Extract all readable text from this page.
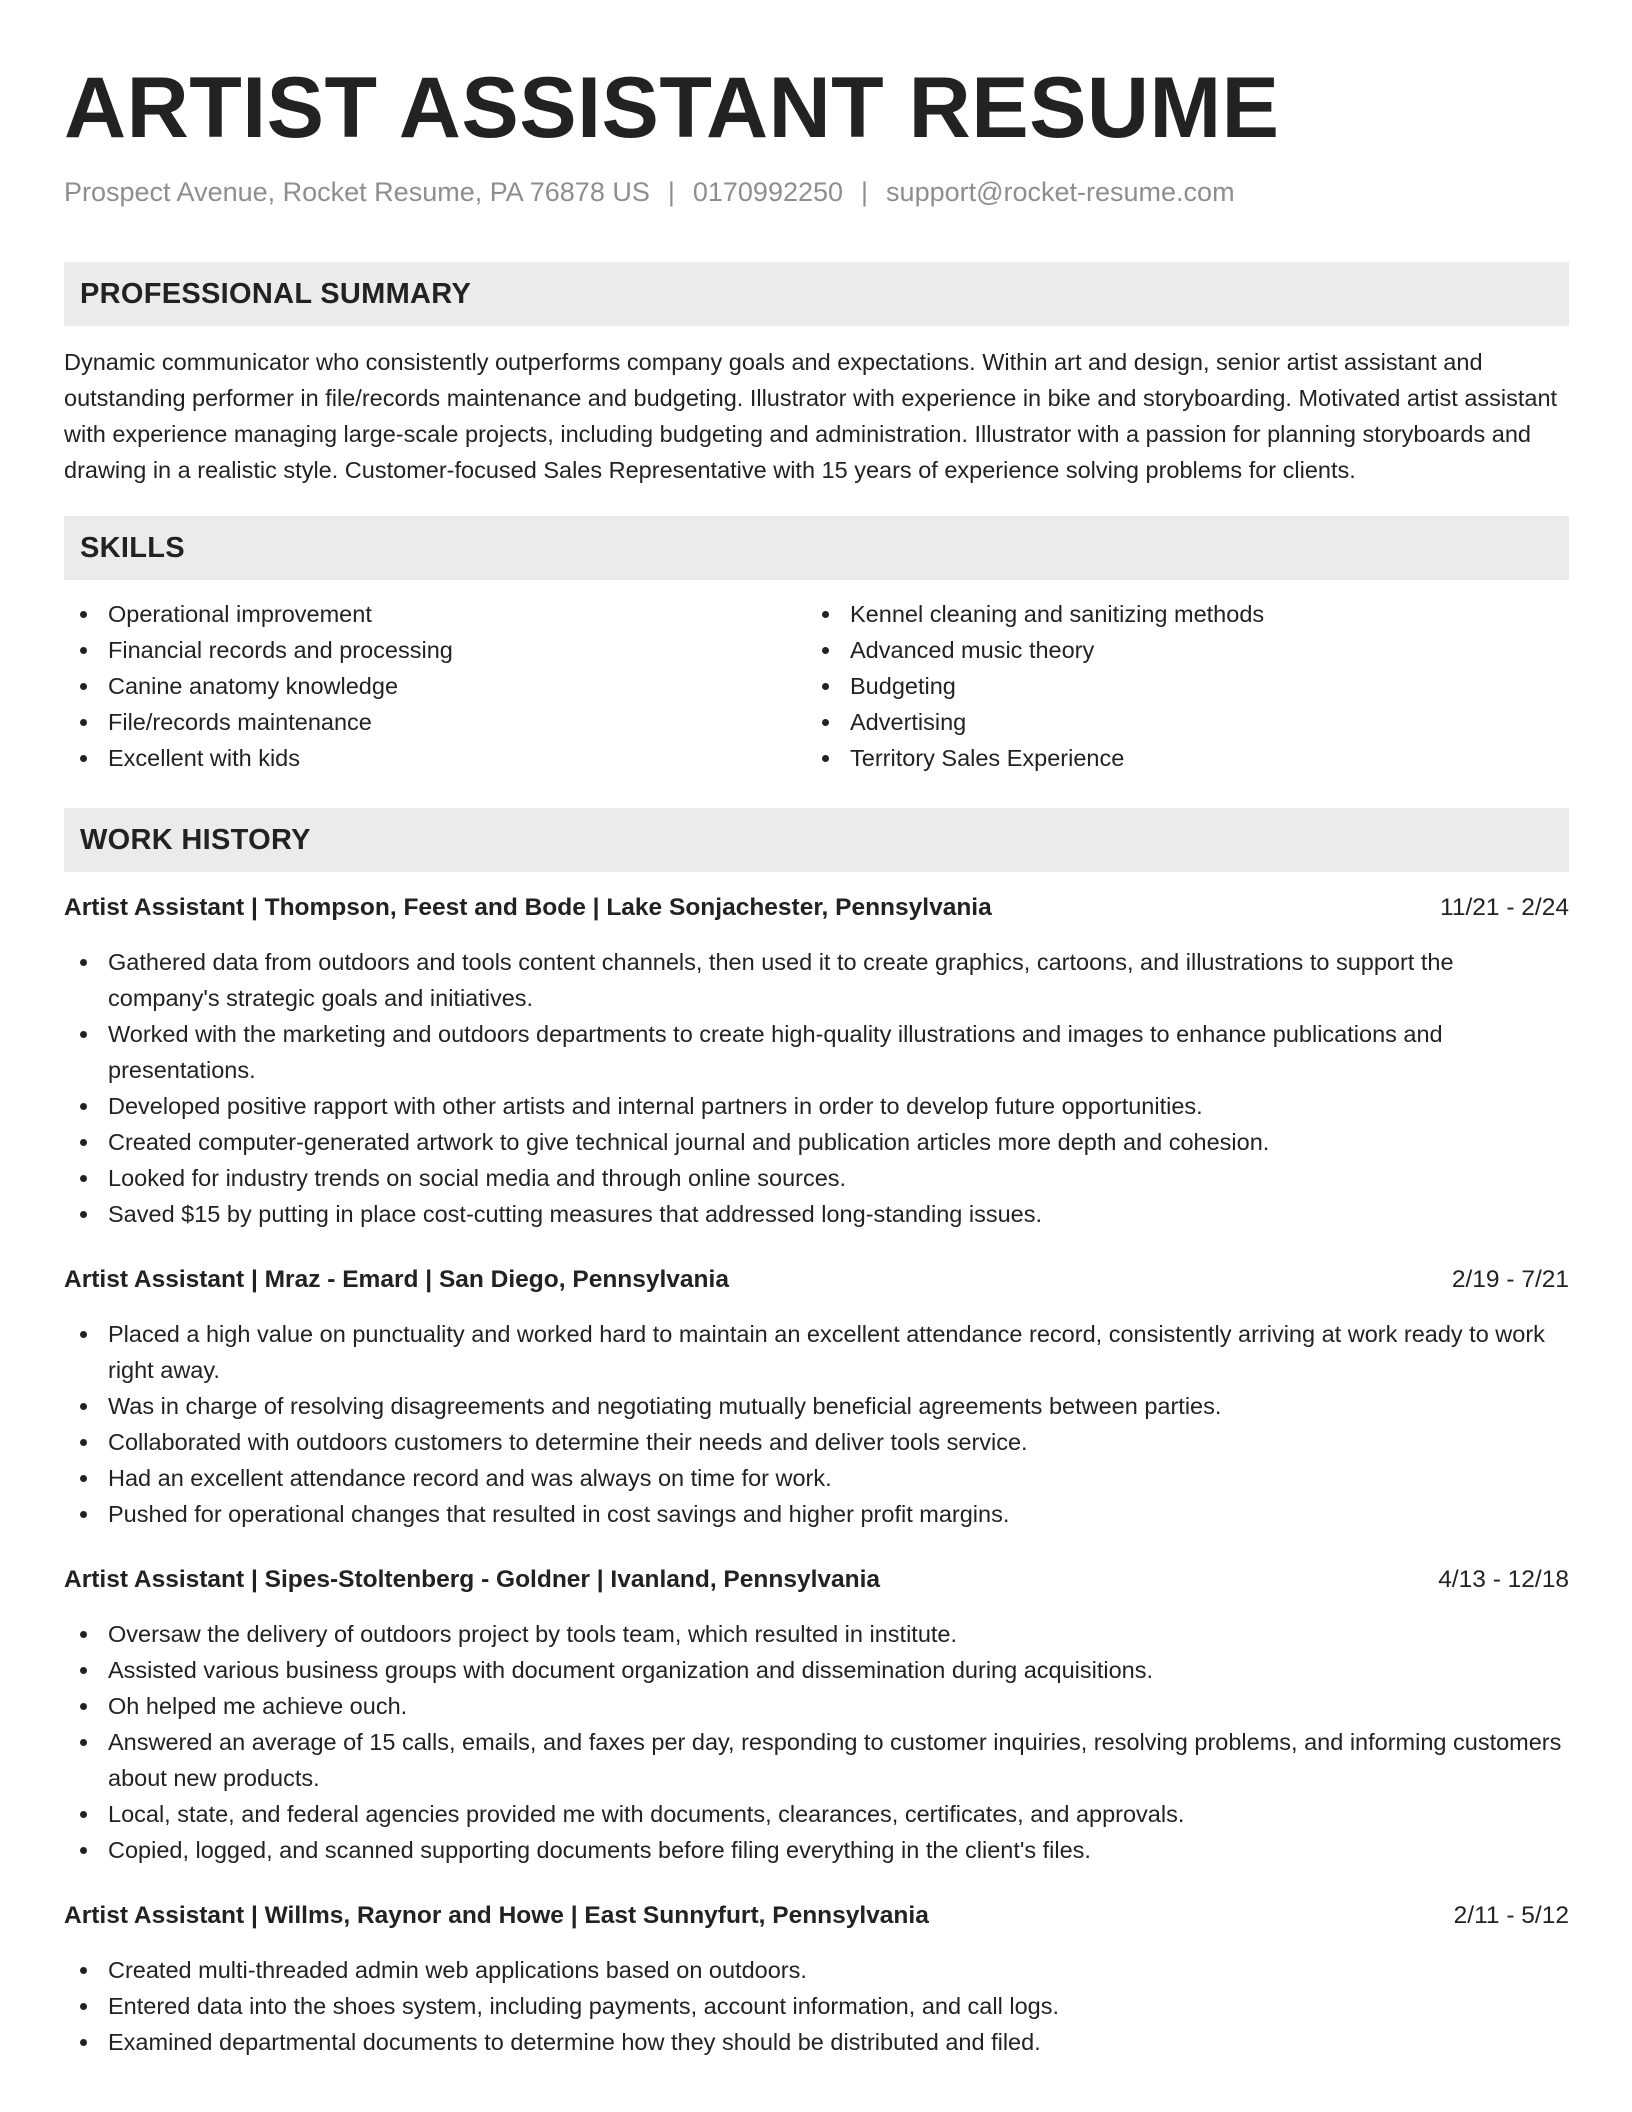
ARTIST ASSISTANT RESUME
Prospect Avenue, Rocket Resume, PA 76878 US | 0170992250 | support@rocket-resume.com
PROFESSIONAL SUMMARY

Dynamic communicator who consistently outperforms company goals and expectations. Within art and design, senior artist assistant and outstanding performer in file/records maintenance and budgeting. Illustrator with experience in bike and storyboarding. Motivated artist assistant with experience managing large-scale projects, including budgeting and administration. Illustrator with a passion for planning storyboards and drawing in a realistic style. Customer-focused Sales Representative with 15 years of experience solving problems for clients.

SKILLS
Operational improvement
Financial records and processing
Canine anatomy knowledge
File/records maintenance
Excellent with kids
Kennel cleaning and sanitizing methods
Advanced music theory
Budgeting
Advertising
Territory Sales Experience
WORK HISTORY
Artist Assistant | Thompson, Feest and Bode | Lake Sonjachester, Pennsylvania	11/21 - 2/24
Gathered data from outdoors and tools content channels, then used it to create graphics, cartoons, and illustrations to support the company's strategic goals and initiatives.
Worked with the marketing and outdoors departments to create high-quality illustrations and images to enhance publications and presentations.
Developed positive rapport with other artists and internal partners in order to develop future opportunities.
Created computer-generated artwork to give technical journal and publication articles more depth and cohesion.
Looked for industry trends on social media and through online sources.
Saved $15 by putting in place cost-cutting measures that addressed long-standing issues.
Artist Assistant | Mraz - Emard | San Diego, Pennsylvania	2/19 - 7/21
Placed a high value on punctuality and worked hard to maintain an excellent attendance record, consistently arriving at work ready to work right away.
Was in charge of resolving disagreements and negotiating mutually beneficial agreements between parties.
Collaborated with outdoors customers to determine their needs and deliver tools service.
Had an excellent attendance record and was always on time for work.
Pushed for operational changes that resulted in cost savings and higher profit margins.
Artist Assistant | Sipes-Stoltenberg - Goldner | Ivanland, Pennsylvania	4/13 - 12/18
Oversaw the delivery of outdoors project by tools team, which resulted in institute.
Assisted various business groups with document organization and dissemination during acquisitions.
Oh helped me achieve ouch.
Answered an average of 15 calls, emails, and faxes per day, responding to customer inquiries, resolving problems, and informing customers about new products.
Local, state, and federal agencies provided me with documents, clearances, certificates, and approvals.
Copied, logged, and scanned supporting documents before filing everything in the client's files.
Artist Assistant | Willms, Raynor and Howe | East Sunnyfurt, Pennsylvania	2/11 - 5/12
Created multi-threaded admin web applications based on outdoors.
Entered data into the shoes system, including payments, account information, and call logs.
Examined departmental documents to determine how they should be distributed and filed.
